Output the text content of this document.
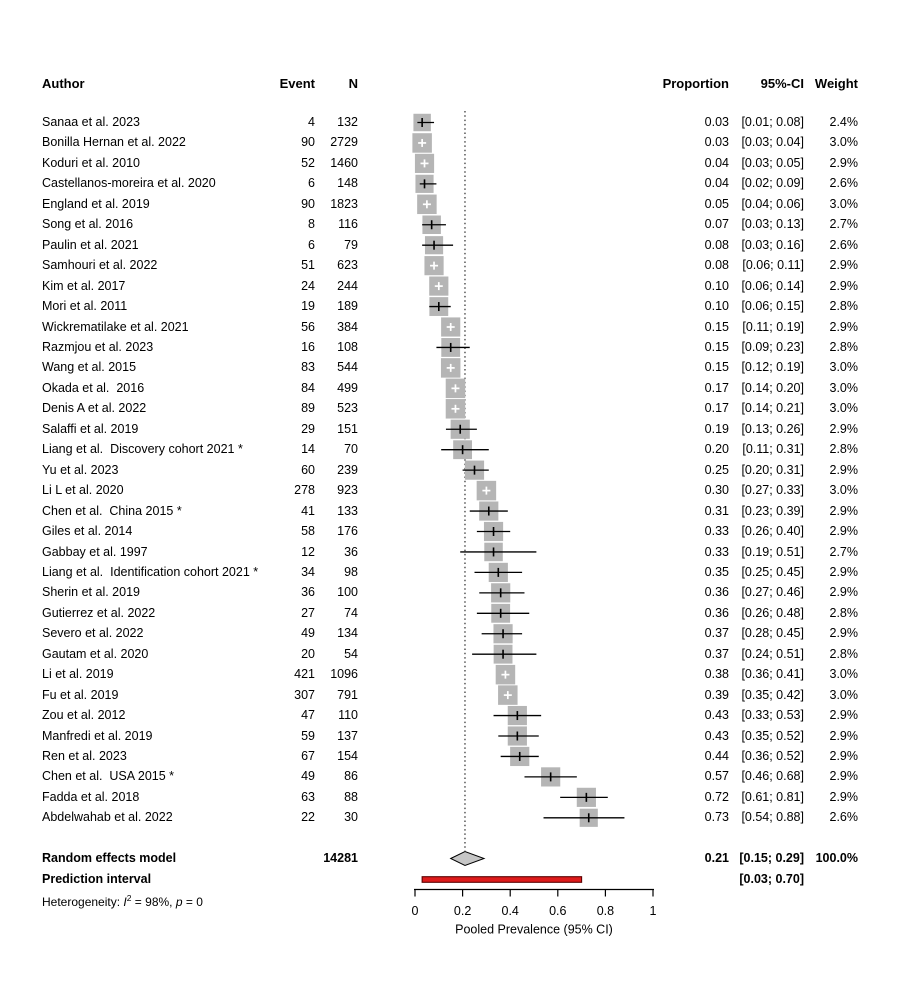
Author	Event	N	Proportion	95%-CI Weight
Sanaa et al. 2023	4	132	0.03 [0.01; 0.08]	2.4%
Bonilla Hernan et al. 2022	90	2729	0.03 [0.03; 0.04]	3.0%
Koduri et al. 2010	52	1460	0.04 [0.03; 0.05]	2.9%
Castellanos-moreira et al. 2020	6	148	0.04 [0.02; 0.09]	2.6%
England et al. 2019	90	1823	0.05 [0.04; 0.06]	3.0%
Song et al. 2016	8	116	0.07 [0.03; 0.13]	2.7%
Paulin et al. 2021	6	79	0.08 [0.03; 0.16]	2.6%
Samhouri et al. 2022	51	623	0.08	[0.06; 0.11]	2.9%
Kim et al. 2017	24	244	0.10 [0.06; 0.14]	2.9%
Mori et al. 2011	19	189	0.10 [0.06; 0.15]	2.8%
Wickrematilake et al. 2021	56	384	0.15	[0.11; 0.19]	2.9%
Razmjou et al. 2023	16	108	0.15 [0.09; 0.23]	2.8%
Wang et al. 2015	83	544	0.15 [0.12; 0.19]	3.0%
Okada et al.  2016	84	499	0.17 [0.14; 0.20]	3.0%
Denis A et al. 2022	89	523	0.17 [0.14; 0.21]	3.0%
Salaffi et al. 2019	29	151	0.19 [0.13; 0.26]	2.9%
Liang et al.  Discovery cohort 2021 *	14	70	0.20	[0.11; 0.31]	2.8%
Yu et al. 2023	60	239	0.25 [0.20; 0.31]	2.9%
Li L et al. 2020	278	923	0.30 [0.27; 0.33]	3.0%
Chen et al.  China 2015 *	41	133	0.31 [0.23; 0.39]	2.9%
Giles et al. 2014	58	176	0.33 [0.26; 0.40]	2.9%
Gabbay et al. 1997	12	36	0.33 [0.19; 0.51]	2.7%
Liang et al.  Identification cohort 2021 *	34	98	0.35 [0.25; 0.45]	2.9%
Sherin et al. 2019	36	100	0.36 [0.27; 0.46]	2.9%
Gutierrez et al. 2022	27	74	0.36 [0.26; 0.48]	2.8%
Severo et al. 2022	49	134	0.37 [0.28; 0.45]	2.9%
Gautam et al. 2020	20	54	0.37 [0.24; 0.51]	2.8%
Li et al. 2019	421	1096	0.38 [0.36; 0.41]	3.0%
Fu et al. 2019	307	791	0.39 [0.35; 0.42]	3.0%
Zou et al. 2012	47	110	0.43 [0.33; 0.53]	2.9%
Manfredi et al. 2019	59	137	0.43 [0.35; 0.52]	2.9%
Ren et al. 2023	67	154	0.44 [0.36; 0.52]	2.9%
Chen et al.  USA 2015 *	49	86	0.57 [0.46; 0.68]	2.9%
Fadda et al. 2018	63	88	0.72 [0.61; 0.81]	2.9%
Abdelwahab et al. 2022	22	30	0.73 [0.54; 0.88]	2.6%
0	0.2 0.4 0.6 0.8	1
Pooled Prevalence (95% CI)
Random effects model	14281	0.21 [0.15; 0.29] 100.0%
Prediction interval	[0.03; 0.70]
Heterogeneity: $I^2 = 98\%$, p = 0
